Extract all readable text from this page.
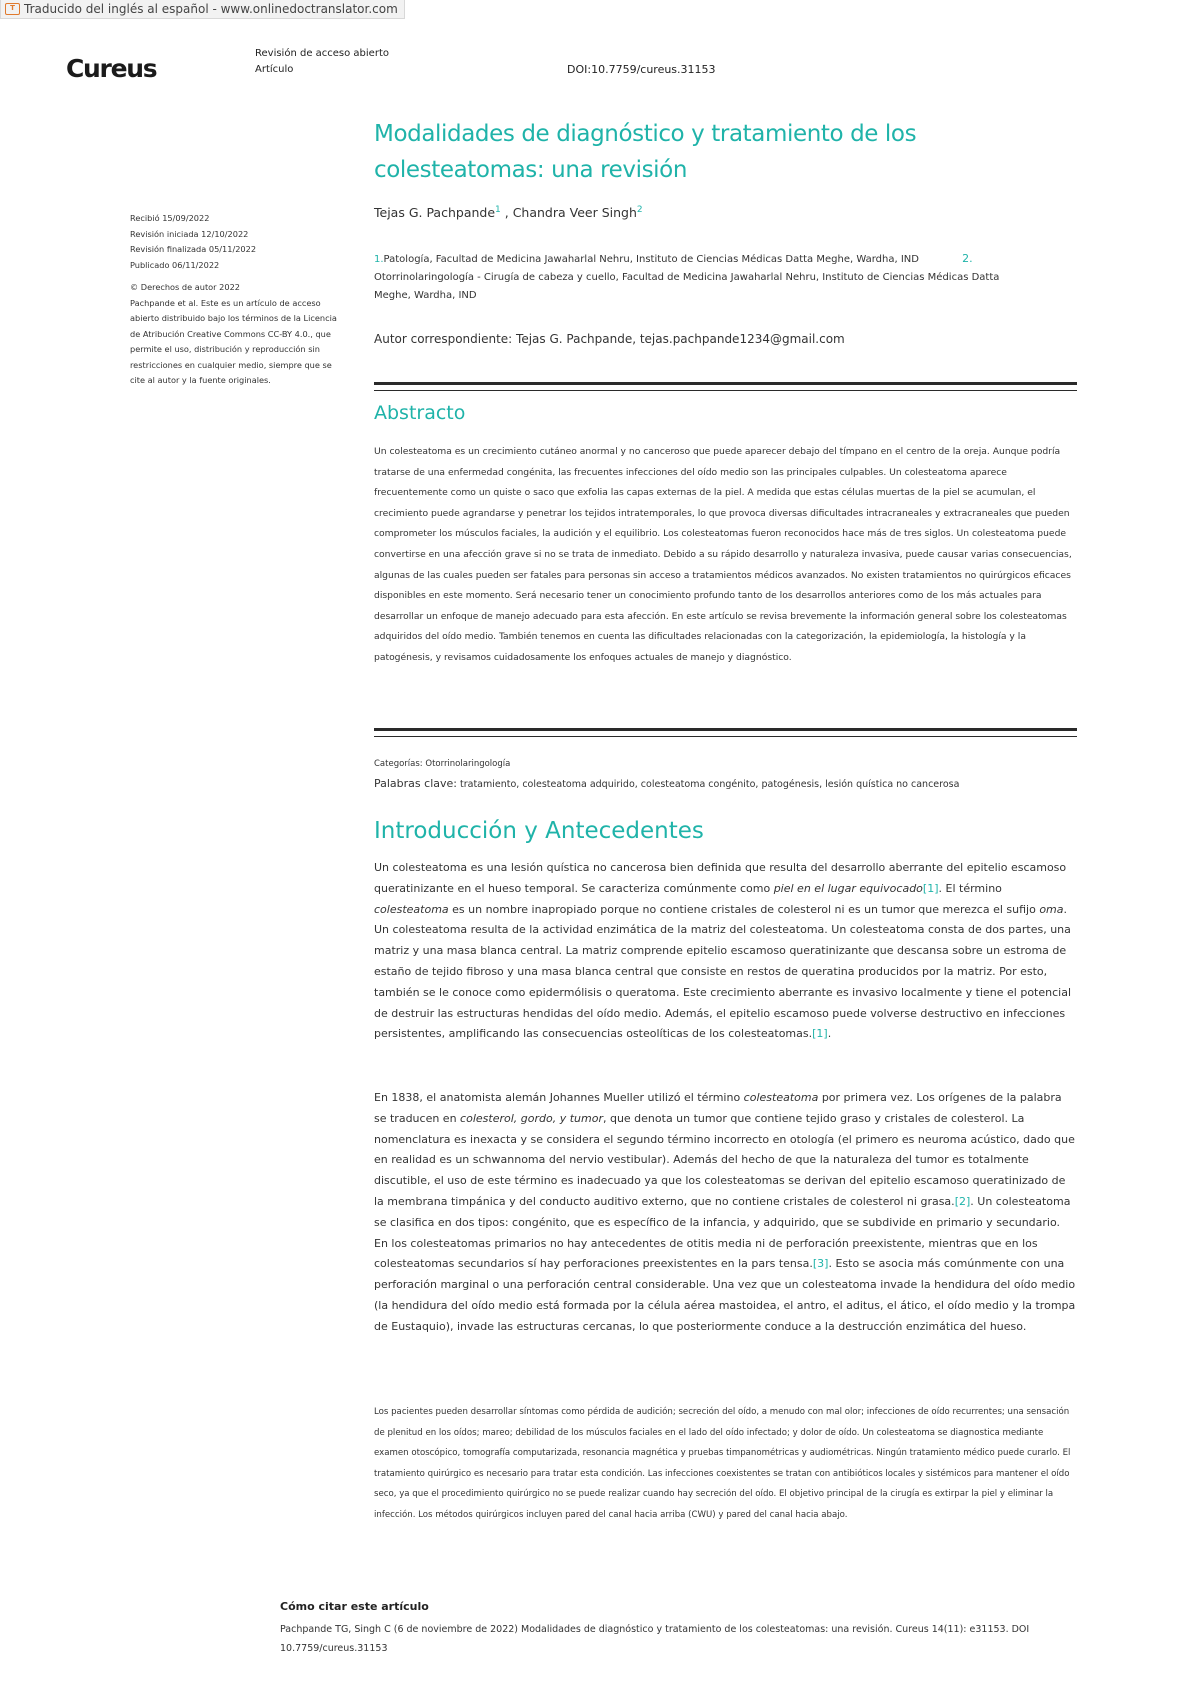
T Traducido del inglés al español - www.onlinedoctranslator.com
Cureus
Revisión de acceso abierto
Artículo	DOI:10.7759/cureus.31153
Modalidades de diagnóstico y tratamiento de los colesteatomas: una revisión
Tejas G. Pachpande$^1$ , Chandra Veer Singh$^2$
1.Patología, Facultad de Medicina Jawaharlal Nehru, Instituto de Ciencias Médicas Datta Meghe, Wardha, IND	2.
Otorrinolaringología - Cirugía de cabeza y cuello, Facultad de Medicina Jawaharlal Nehru, Instituto de Ciencias Médicas Datta Meghe, Wardha, IND
Autor correspondiente: Tejas G. Pachpande, tejas.pachpande1234@gmail.com
Recibió 15/09/2022
Revisión iniciada 12/10/2022
Revisión finalizada 05/11/2022
Publicado 06/11/2022
© Derechos de autor 2022
Pachpande et al. Este es un artículo de acceso abierto distribuido bajo los términos de la Licencia de Atribución Creative Commons CC-BY 4.0., que permite el uso, distribución y reproducción sin restricciones en cualquier medio, siempre que se cite al autor y la fuente originales.
Abstracto
Un colesteatoma es un crecimiento cutáneo anormal y no canceroso que puede aparecer debajo del tímpano en el centro de la oreja. Aunque podría tratarse de una enfermedad congénita, las frecuentes infecciones del oído medio son las principales culpables. Un colesteatoma aparece frecuentemente como un quiste o saco que exfolia las capas externas de la piel. A medida que estas células muertas de la piel se acumulan, el crecimiento puede agrandarse y penetrar los tejidos intratemporales, lo que provoca diversas dificultades intracraneales y extracraneales que pueden comprometer los músculos faciales, la audición y el equilibrio. Los colesteatomas fueron reconocidos hace más de tres siglos. Un colesteatoma puede convertirse en una afección grave si no se trata de inmediato. Debido a su rápido desarrollo y naturaleza invasiva, puede causar varias consecuencias, algunas de las cuales pueden ser fatales para personas sin acceso a tratamientos médicos avanzados. No existen tratamientos no quirúrgicos eficaces disponibles en este momento. Será necesario tener un conocimiento profundo tanto de los desarrollos anteriores como de los más actuales para desarrollar un enfoque de manejo adecuado para esta afección. En este artículo se revisa brevemente la información general sobre los colesteatomas adquiridos del oído medio. También tenemos en cuenta las dificultades relacionadas con la categorización, la epidemiología, la histología y la patogénesis, y revisamos cuidadosamente los enfoques actuales de manejo y diagnóstico.
Categorías: Otorrinolaringología
Palabras clave: tratamiento, colesteatoma adquirido, colesteatoma congénito, patogénesis, lesión quística no cancerosa
Introducción y Antecedentes
Un colesteatoma es una lesión quística no cancerosa bien definida que resulta del desarrollo aberrante del epitelio escamoso queratinizante en el hueso temporal. Se caracteriza comúnmente como piel en el lugar equivocado[1]. El término colesteatoma es un nombre inapropiado porque no contiene cristales de colesterol ni es un tumor que merezca el sufijo oma. Un colesteatoma resulta de la actividad enzimática de la matriz del colesteatoma. Un colesteatoma consta de dos partes, una matriz y una masa blanca central. La matriz comprende epitelio escamoso queratinizante que descansa sobre un estroma de estaño de tejido fibroso y una masa blanca central que consiste en restos de queratina producidos por la matriz. Por esto, también se le conoce como epidermólisis o queratoma. Este crecimiento aberrante es invasivo localmente y tiene el potencial de destruir las estructuras hendidas del oído medio. Además, el epitelio escamoso puede volverse destructivo en infecciones persistentes, amplificando las consecuencias osteolíticas de los colesteatomas.[1].
En 1838, el anatomista alemán Johannes Mueller utilizó el término colesteatoma por primera vez. Los orígenes de la palabra se traducen en colesterol, gordo, y tumor, que denota un tumor que contiene tejido graso y cristales de colesterol. La nomenclatura es inexacta y se considera el segundo término incorrecto en otología (el primero es neuroma acústico, dado que en realidad es un schwannoma del nervio vestibular). Además del hecho de que la naturaleza del tumor es totalmente discutible, el uso de este término es inadecuado ya que los colesteatomas se derivan del epitelio escamoso queratinizado de la membrana timpánica y del conducto auditivo externo, que no contiene cristales de colesterol ni grasa.[2]. Un colesteatoma se clasifica en dos tipos: congénito, que es específico de la infancia, y adquirido, que se subdivide en primario y secundario. En los colesteatomas primarios no hay antecedentes de otitis media ni de perforación preexistente, mientras que en los colesteatomas secundarios sí hay perforaciones preexistentes en la pars tensa.[3]. Esto se asocia más comúnmente con una perforación marginal o una perforación central considerable. Una vez que un colesteatoma invade la hendidura del oído medio (la hendidura del oído medio está formada por la célula aérea mastoidea, el antro, el aditus, el ático, el oído medio y la trompa de Eustaquio), invade las estructuras cercanas, lo que posteriormente conduce a la destrucción enzimática del hueso.
Los pacientes pueden desarrollar síntomas como pérdida de audición; secreción del oído, a menudo con mal olor; infecciones de oído recurrentes; una sensación de plenitud en los oídos; mareo; debilidad de los músculos faciales en el lado del oído infectado; y dolor de oído. Un colesteatoma se diagnostica mediante examen otoscópico, tomografía computarizada, resonancia magnética y pruebas timpanométricas y audiométricas. Ningún tratamiento médico puede curarlo. El tratamiento quirúrgico es necesario para tratar esta condición. Las infecciones coexistentes se tratan con antibióticos locales y sistémicos para mantener el oído seco, ya que el procedimiento quirúrgico no se puede realizar cuando hay secreción del oído. El objetivo principal de la cirugía es extirpar la piel y eliminar la infección. Los métodos quirúrgicos incluyen pared del canal hacia arriba (CWU) y pared del canal hacia abajo.
Cómo citar este artículo
Pachpande TG, Singh C (6 de noviembre de 2022) Modalidades de diagnóstico y tratamiento de los colesteatomas: una revisión. Cureus 14(11): e31153. DOI 10.7759/cureus.31153
